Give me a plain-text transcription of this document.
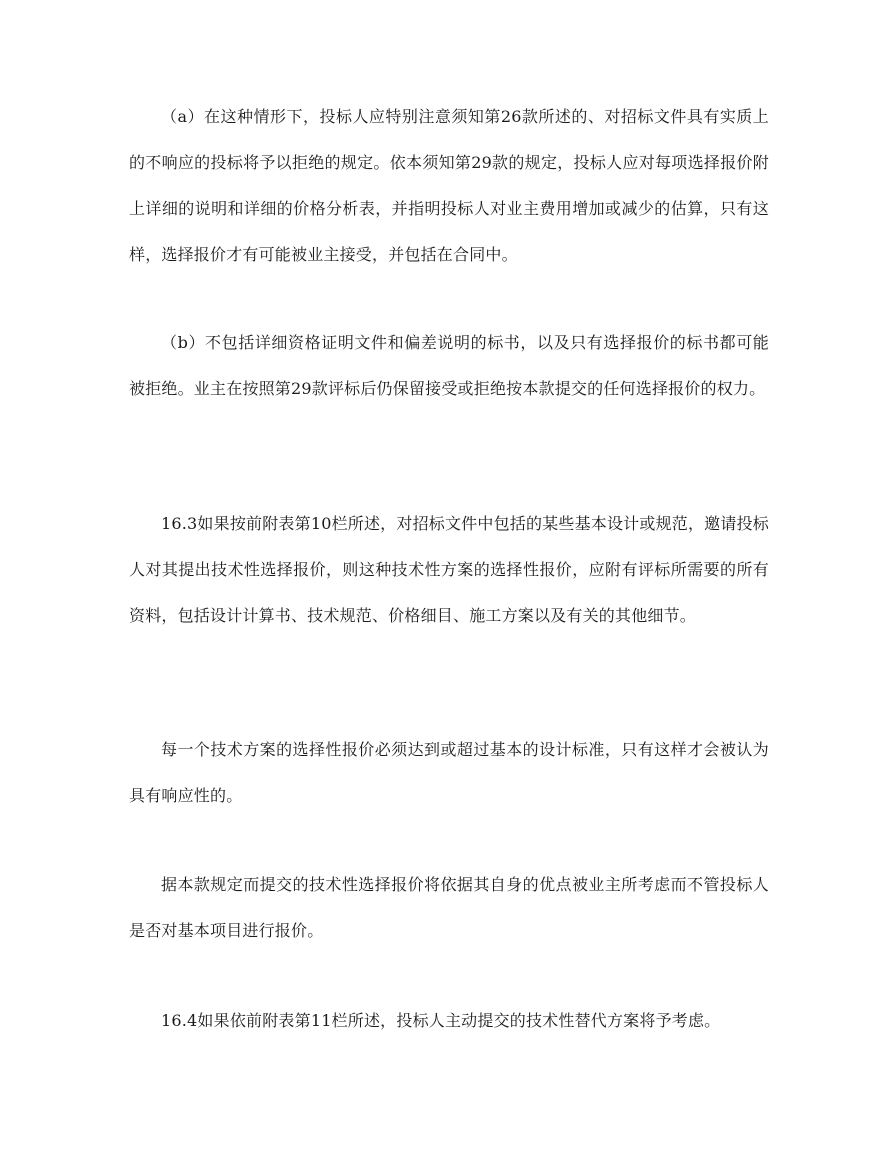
（a）在这种情形下，投标人应特别注意须知第26款所述的、对招标文件具有实质上的不响应的投标将予以拒绝的规定。依本须知第29款的规定，投标人应对每项选择报价附上详细的说明和详细的价格分析表，并指明投标人对业主费用增加或减少的估算，只有这样，选择报价才有可能被业主接受，并包括在合同中。

（b）不包括详细资格证明文件和偏差说明的标书，以及只有选择报价的标书都可能被拒绝。业主在按照第29款评标后仍保留接受或拒绝按本款提交的任何选择报价的权力。

16.3如果按前附表第10栏所述，对招标文件中包括的某些基本设计或规范，邀请投标人对其提出技术性选择报价，则这种技术性方案的选择性报价，应附有评标所需要的所有资料，包括设计计算书、技术规范、价格细目、施工方案以及有关的其他细节。

每一个技术方案的选择性报价必须达到或超过基本的设计标准，只有这样才会被认为具有响应性的。

据本款规定而提交的技术性选择报价将依据其自身的优点被业主所考虑而不管投标人是否对基本项目进行报价。

16.4如果依前附表第11栏所述，投标人主动提交的技术性替代方案将予考虑。
